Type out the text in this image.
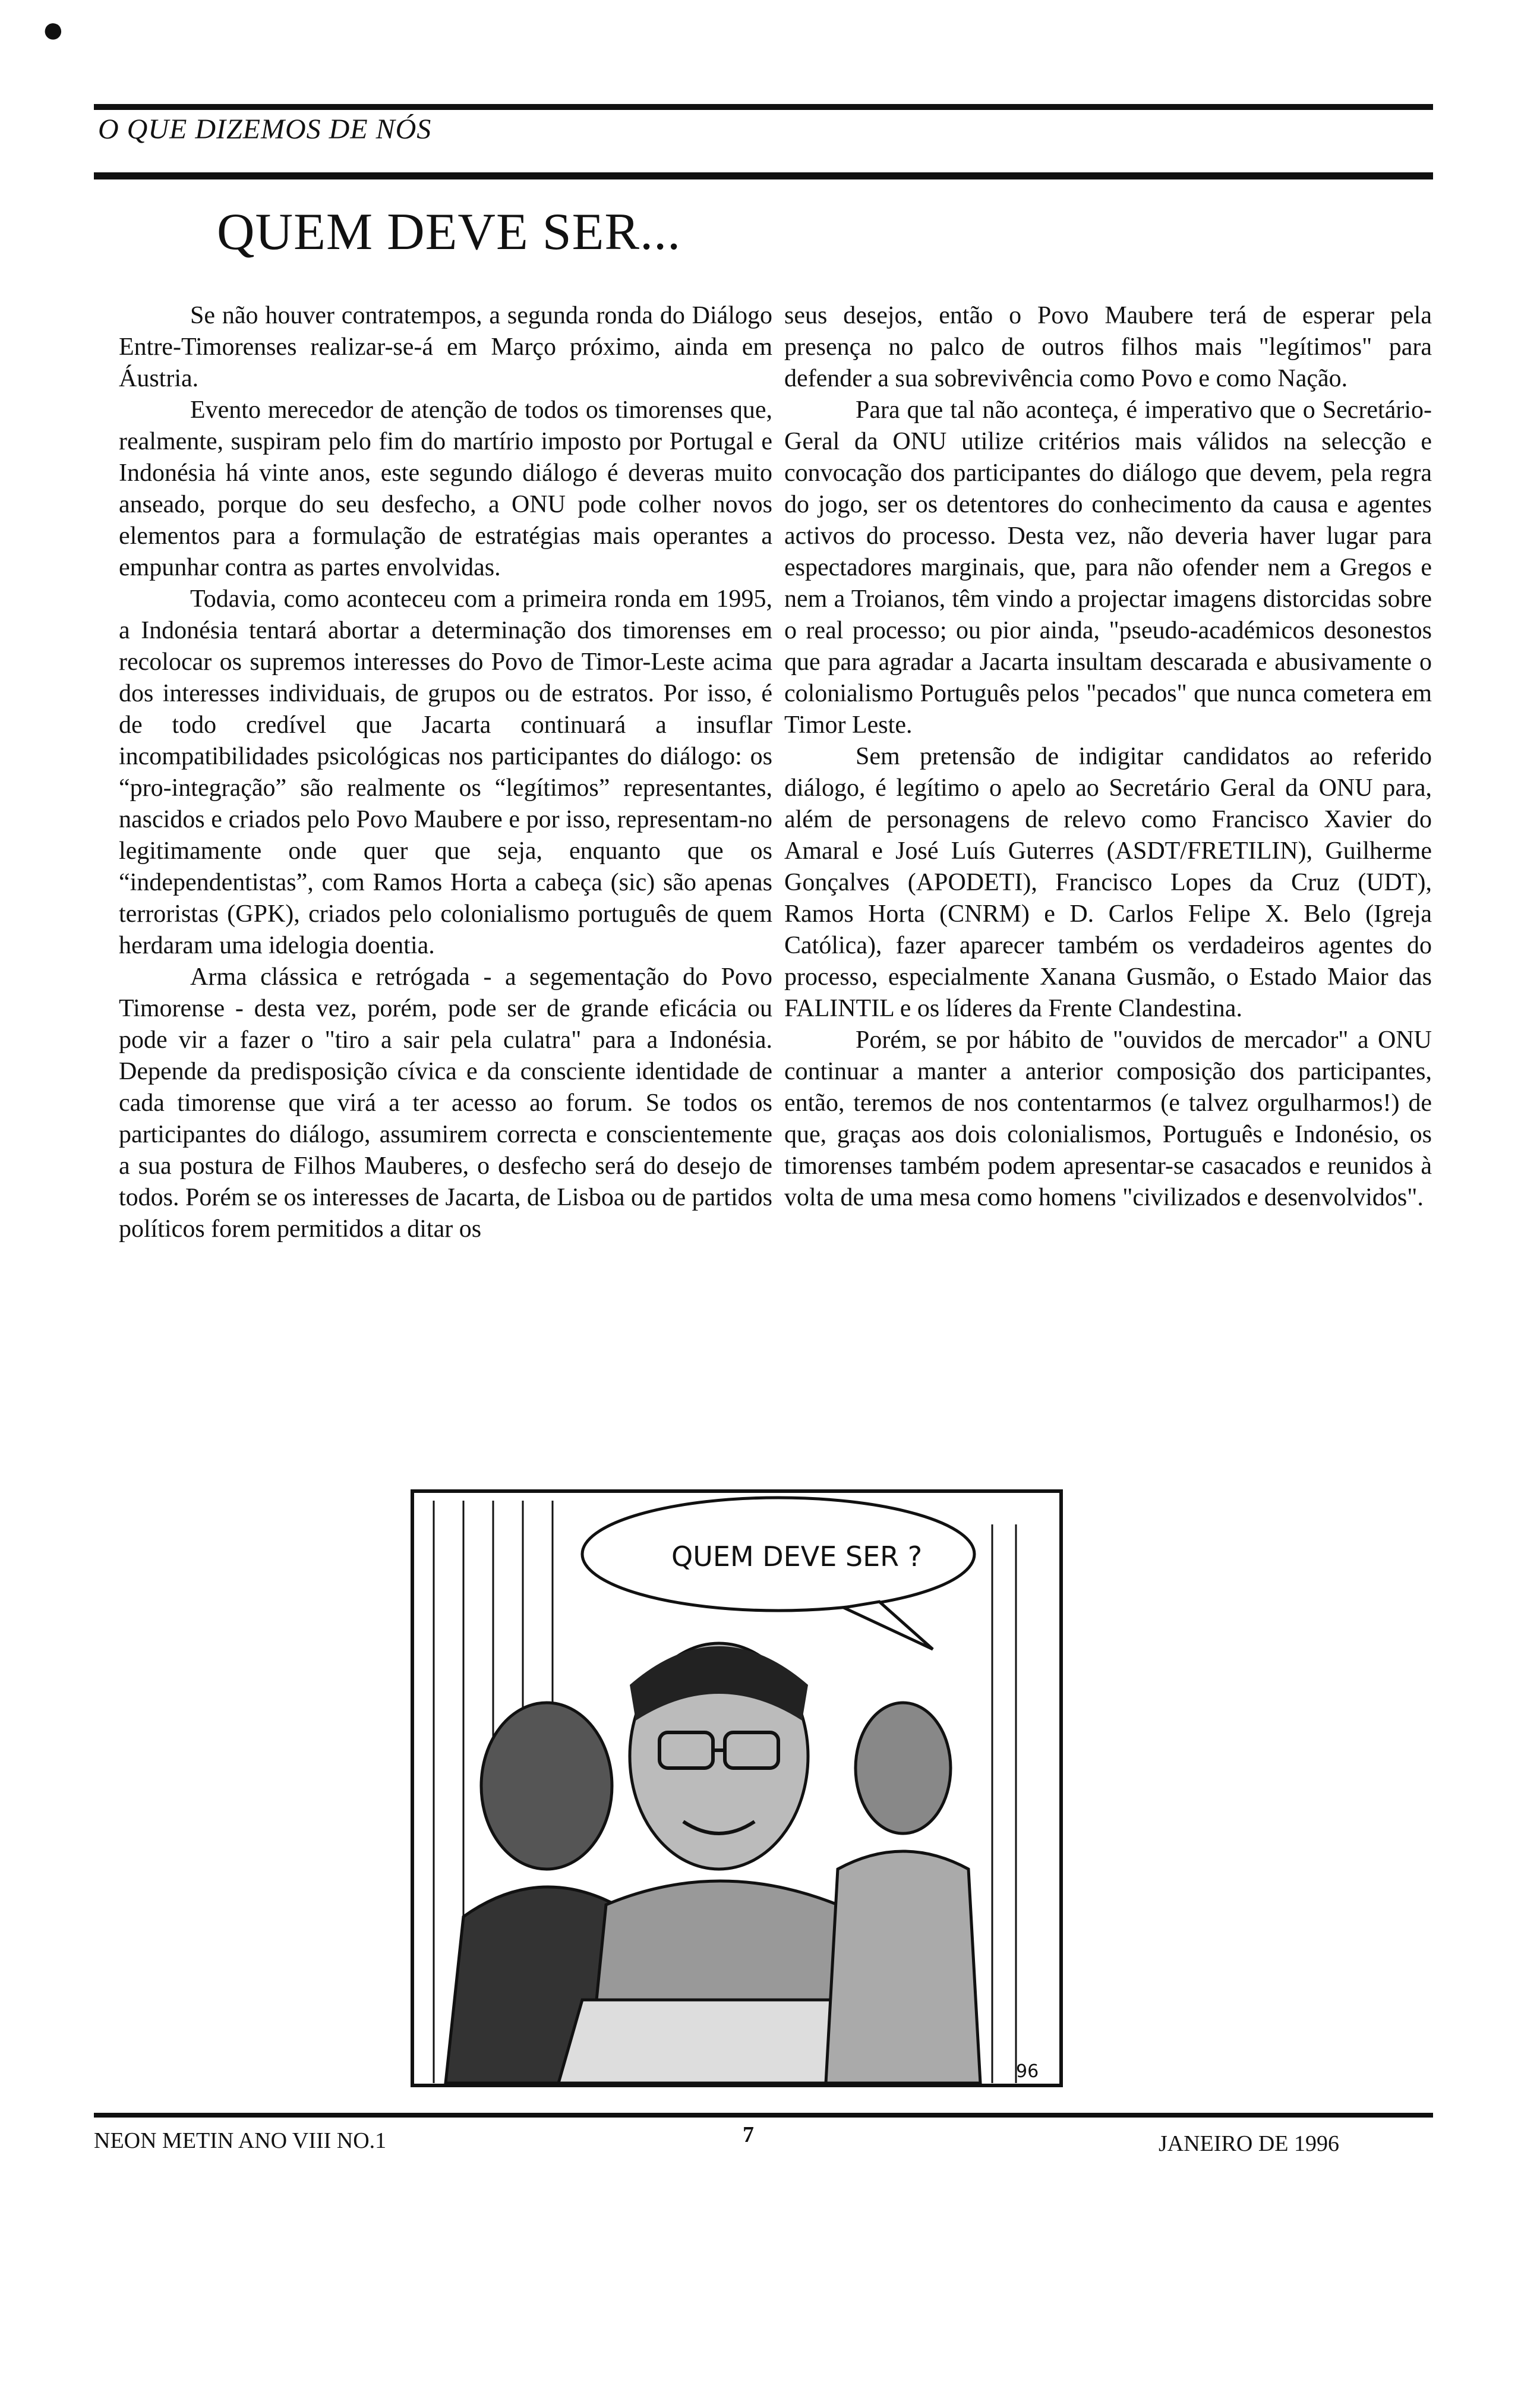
●
O QUE DIZEMOS DE NÓS
QUEM DEVE SER...

Se não houver contratempos, a segunda ronda do Diálogo Entre-Timorenses realizar-se-á em Março próximo, ainda em Áustria.

Evento merecedor de atenção de todos os timorenses que, realmente, suspiram pelo fim do martírio imposto por Portugal e Indonésia há vinte anos, este segundo diálogo é deveras muito anseado, porque do seu desfecho, a ONU pode colher novos elementos para a formulação de estratégias mais operantes a empunhar contra as partes envolvidas.

Todavia, como aconteceu com a primeira ronda em 1995, a Indonésia tentará abortar a determinação dos timorenses em recolocar os supremos interesses do Povo de Timor-Leste acima dos interesses individuais, de grupos ou de estratos. Por isso, é de todo credível que Jacarta continuará a insuflar incompatibilidades psicológicas nos participantes do diálogo: os “pro-integração” são realmente os “legítimos” representantes, nascidos e criados pelo Povo Maubere e por isso, representam-no legitimamente onde quer que seja, enquanto que os “independentistas”, com Ramos Horta a cabeça (sic) são apenas terroristas (GPK), criados pelo colonialismo português de quem herdaram uma idelogia doentia.

Arma clássica e retrógada - a segementação do Povo Timorense - desta vez, porém, pode ser de grande eficácia ou pode vir a fazer o "tiro a sair pela culatra" para a Indonésia. Depende da predisposição cívica e da consciente identidade de cada timorense que virá a ter acesso ao forum. Se todos os participantes do diálogo, assumirem correcta e conscientemente a sua postura de Filhos Mauberes, o desfecho será do desejo de todos. Porém se os interesses de Jacarta, de Lisboa ou de partidos políticos forem permitidos a ditar os

seus desejos, então o Povo Maubere terá de esperar pela presença no palco de outros filhos mais "legítimos" para defender a sua sobrevivência como Povo e como Nação.

Para que tal não aconteça, é imperativo que o Secretário-Geral da ONU utilize critérios mais válidos na selecção e convocação dos participantes do diálogo que devem, pela regra do jogo, ser os detentores do conhecimento da causa e agentes activos do processo. Desta vez, não deveria haver lugar para espectadores marginais, que, para não ofender nem a Gregos e nem a Troianos, têm vindo a projectar imagens distorcidas sobre o real processo; ou pior ainda, "pseudo-académicos desonestos que para agradar a Jacarta insultam descarada e abusivamente o colonialismo Português pelos "pecados" que nunca cometera em Timor Leste.

Sem pretensão de indigitar candidatos ao referido diálogo, é legítimo o apelo ao Secretário Geral da ONU para, além de personagens de relevo como Francisco Xavier do Amaral e José Luís Guterres (ASDT/FRETILIN), Guilherme Gonçalves (APODETI), Francisco Lopes da Cruz (UDT), Ramos Horta (CNRM) e D. Carlos Felipe X. Belo (Igreja Católica), fazer aparecer também os verdadeiros agentes do processo, especialmente Xanana Gusmão, o Estado Maior das FALINTIL e os líderes da Frente Clandestina.

Porém, se por hábito de "ouvidos de mercador" a ONU continuar a manter a anterior composição dos participantes, então, teremos de nos contentarmos (e talvez orgulharmos!) de que, graças aos dois colonialismos, Português e Indonésio, os timorenses também podem apresentar-se casacados e reunidos à volta de uma mesa como homens "civilizados e desenvolvidos".

QUEM DEVE SER ?
96
NEON METIN ANO VIII NO.1	7	JANEIRO DE 1996
